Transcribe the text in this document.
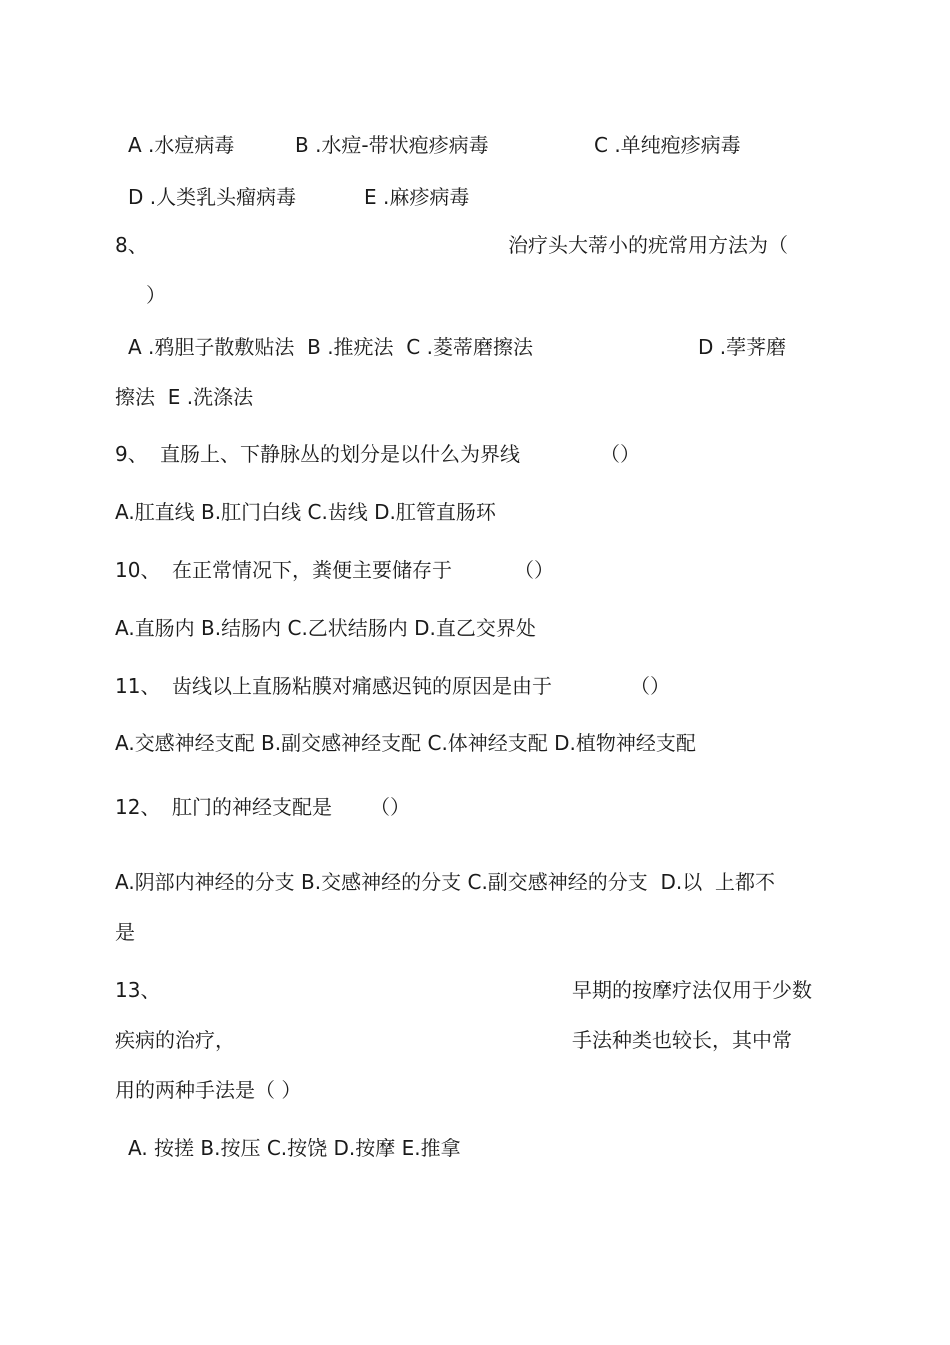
A .水痘病毒	B .水痘-带状疱疹病毒	C .单纯疱疹病毒
D .人类乳头瘤病毒	E .麻疹病毒
8、	治疗头大蒂小的疣常用方法为（
）
A .鸦胆子散敷贴法  B .推疣法  C .菱蒂磨擦法	D .荸荠磨
擦法  E .洗涤法
9、 直肠上、下静脉丛的划分是以什么为界线	（）
A.肛直线 B.肛门白线 C.齿线 D.肛管直肠环
10、 在正常情况下，粪便主要储存于	（）
A.直肠内 B.结肠内 C.乙状结肠内 D.直乙交界处
11、 齿线以上直肠粘膜对痛感迟钝的原因是由于	（）
A.交感神经支配 B.副交感神经支配 C.体神经支配 D.植物神经支配
12、 肛门的神经支配是 （）
A.阴部内神经的分支 B.交感神经的分支 C.副交感神经的分支  D.以  上都不
是
13、	早期的按摩疗法仅用于少数
疾病的治疗，	手法种类也较长，其中常
用的两种手法是（ ）
A. 按搓 B.按压 C.按饶 D.按摩 E.推拿
